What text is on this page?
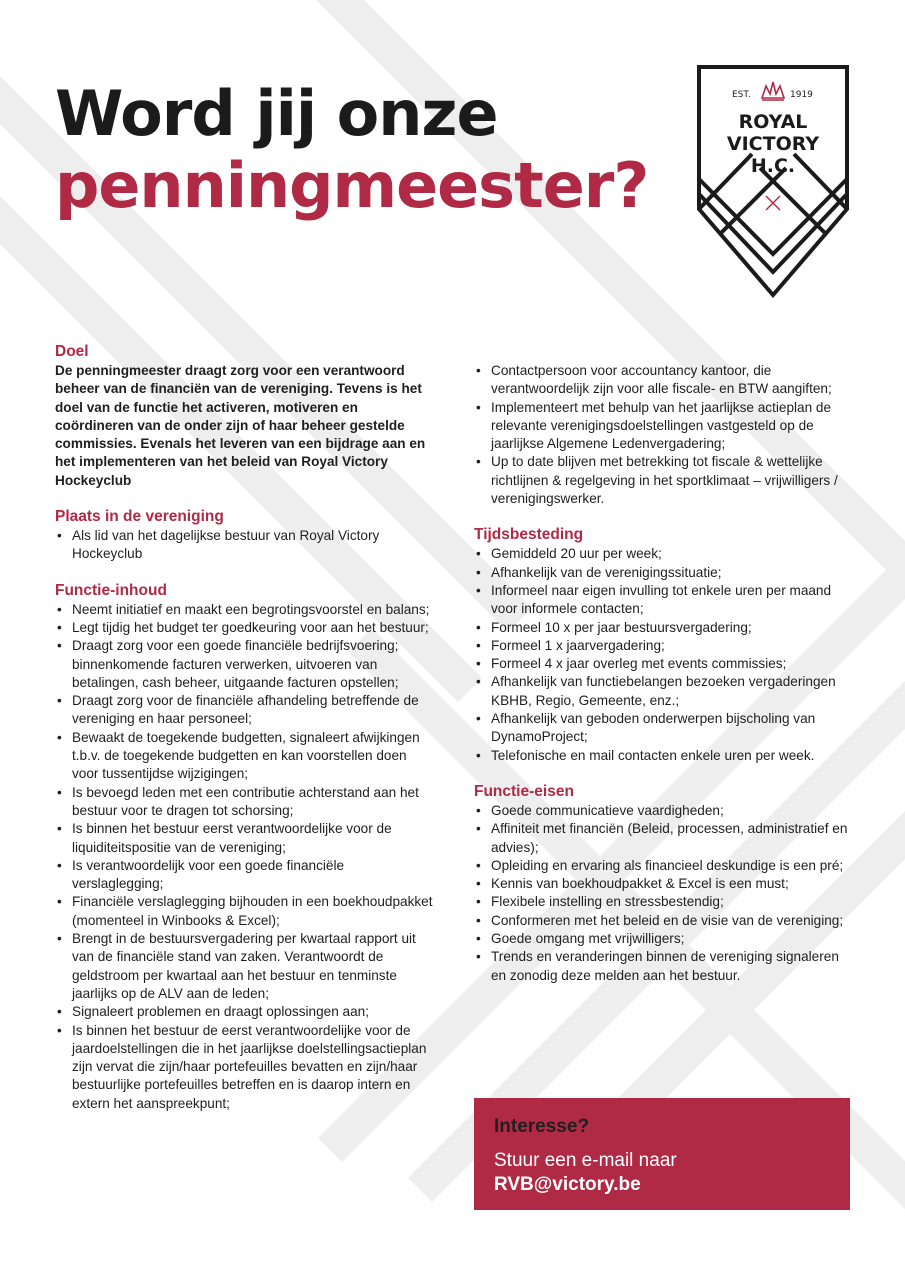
Word jij onze
penningmeester?
EST.	1919
ROYAL
VICTORY
H.C.
Doel

De penningmeester draagt zorg voor een verantwoord beheer van de financiën van de vereniging. Tevens is het doel van de functie het activeren, motiveren en coördineren van de onder zijn of haar beheer gestelde commissies. Evenals het leveren van een bijdrage aan en het implementeren van het beleid van Royal Victory Hockeyclub

Plaats in de vereniging
• Als lid van het dagelijkse bestuur van Royal Victory Hockeyclub
Functie-inhoud
• Neemt initiatief en maakt een begrotingsvoorstel en balans;
• Legt tijdig het budget ter goedkeuring voor aan het bestuur;
• Draagt zorg voor een goede financiële bedrijfsvoering; binnenkomende facturen verwerken, uitvoeren van betalingen, cash beheer, uitgaande facturen opstellen;
• Draagt zorg voor de financiële afhandeling betreffende de vereniging en haar personeel;
• Bewaakt de toegekende budgetten, signaleert afwijkingen t.b.v. de toegekende budgetten en kan voorstellen doen voor tussentijdse wijzigingen;
• Is bevoegd leden met een contributie achterstand aan het bestuur voor te dragen tot schorsing;
• Is binnen het bestuur eerst verantwoordelijke voor de liquiditeitspositie van de vereniging;
• Is verantwoordelijk voor een goede financiële verslaglegging;
• Financiële verslaglegging bijhouden in een boekhoudpakket (momenteel in Winbooks & Excel);
• Brengt in de bestuursvergadering per kwartaal rapport uit van de financiële stand van zaken. Verantwoordt de geldstroom per kwartaal aan het bestuur en tenminste jaarlijks op de ALV aan de leden;
• Signaleert problemen en draagt oplossingen aan;
• Is binnen het bestuur de eerst verantwoordelijke voor de jaardoelstellingen die in het jaarlijkse doelstellingsactieplan zijn vervat die zijn/haar portefeuilles bevatten en zijn/haar bestuurlijke portefeuilles betreffen en is daarop intern en extern het aanspreekpunt;
• Contactpersoon voor accountancy kantoor, die verantwoordelijk zijn voor alle fiscale- en BTW aangiften;
• Implementeert met behulp van het jaarlijkse actieplan de relevante verenigingsdoelstellingen vastgesteld op de jaarlijkse Algemene Ledenvergadering;
• Up to date blijven met betrekking tot fiscale & wettelijke richtlijnen & regelgeving in het sportklimaat – vrijwilligers / verenigingswerker.
Tijdsbesteding
• Gemiddeld 20 uur per week;
• Afhankelijk van de verenigingssituatie;
• Informeel naar eigen invulling tot enkele uren per maand voor informele contacten;
• Formeel 10 x per jaar bestuursvergadering;
• Formeel 1 x jaarvergadering;
• Formeel 4 x jaar overleg met events commissies;
• Afhankelijk van functiebelangen bezoeken vergaderingen KBHB, Regio, Gemeente, enz.;
• Afhankelijk van geboden onderwerpen bijscholing van DynamoProject;
• Telefonische en mail contacten enkele uren per week.
Functie-eisen
• Goede communicatieve vaardigheden;
• Affiniteit met financiën (Beleid, processen, administratief en advies);
• Opleiding en ervaring als financieel deskundige is een pré;
• Kennis van boekhoudpakket & Excel is een must;
• Flexibele instelling en stressbestendig;
• Conformeren met het beleid en de visie van de vereniging;
• Goede omgang met vrijwilligers;
• Trends en veranderingen binnen de vereniging signaleren en zonodig deze melden aan het bestuur.
Interesse?
Stuur een e-mail naar
RVB@victory.be
